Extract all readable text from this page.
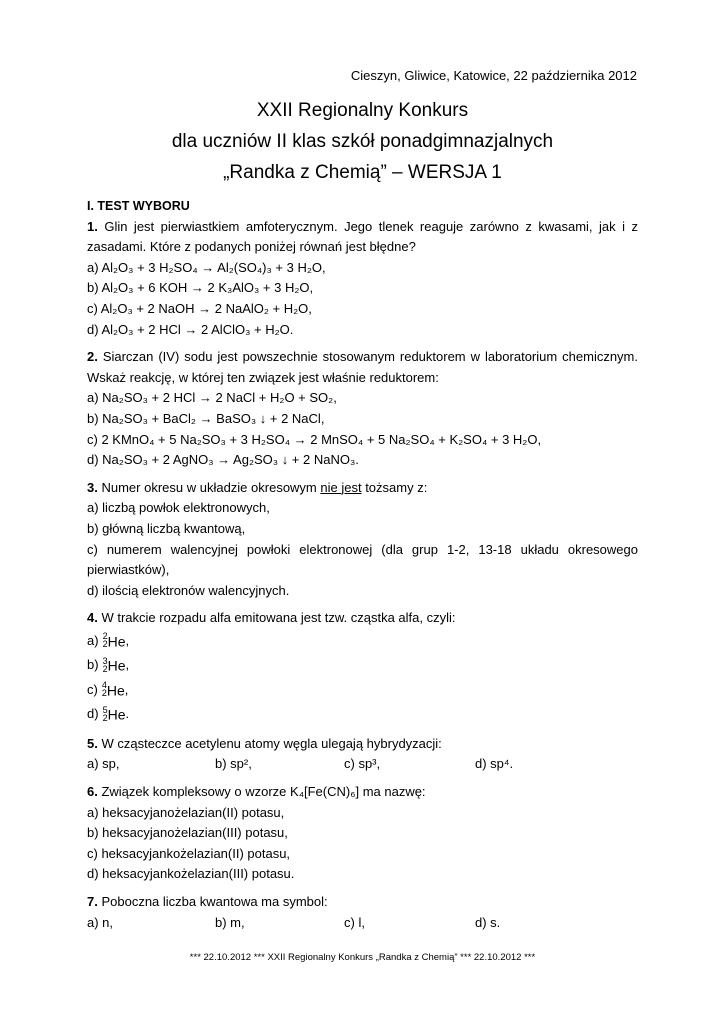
Cieszyn, Gliwice, Katowice, 22 października 2012
XXII Regionalny Konkurs
dla uczniów II klas szkół ponadgimnazjalnych
„Randka z Chemią” – WERSJA 1
I. TEST WYBORU
1. Glin jest pierwiastkiem amfoterycznym. Jego tlenek reaguje zarówno z kwasami, jak i z zasadami. Które z podanych poniżej równań jest błędne?
a) Al₂O₃ + 3 H₂SO₄ → Al₂(SO₄)₃ + 3 H₂O,
b) Al₂O₃ + 6 KOH → 2 K₃AlO₃ + 3 H₂O,
c) Al₂O₃ + 2 NaOH → 2 NaAlO₂ + H₂O,
d) Al₂O₃ + 2 HCl → 2 AlClO₃ + H₂O.
2. Siarczan (IV) sodu jest powszechnie stosowanym reduktorem w laboratorium chemicznym. Wskaż reakcję, w której ten związek jest właśnie reduktorem:
a) Na₂SO₃ + 2 HCl → 2 NaCl + H₂O + SO₂,
b) Na₂SO₃ + BaCl₂ → BaSO₃ ↓ + 2 NaCl,
c) 2 KMnO₄ + 5 Na₂SO₃ + 3 H₂SO₄ → 2 MnSO₄ + 5 Na₂SO₄ + K₂SO₄ + 3 H₂O,
d) Na₂SO₃ + 2 AgNO₃ → Ag₂SO₃ ↓ + 2 NaNO₃.
3. Numer okresu w układzie okresowym nie jest tożsamy z:
a) liczbą powłok elektronowych,
b) główną liczbą kwantową,
c) numerem walencyjnej powłoki elektronowej (dla grup 1-2, 13-18 układu okresowego pierwiastków),
d) ilością elektronów walencyjnych.
4. W trakcie rozpadu alfa emitowana jest tzw. cząstka alfa, czyli:
a) 2
2 He,
b) 3
2 He,
c) 4
2 He,
d) 5
2 He.
5. W cząsteczce acetylenu atomy węgla ulegają hybrydyzacji:
a) sp,	b) sp²,	c) sp³,	d) sp⁴.
6. Związek kompleksowy o wzorze K₄[Fe(CN)₆] ma nazwę:
a) heksacyjanożelazian(II) potasu,
b) heksacyjanożelazian(III) potasu,
c) heksacyjankożelazian(II) potasu,
d) heksacyjankożelazian(III) potasu.
7. Poboczna liczba kwantowa ma symbol:
a) n,	b) m,	c) l,	d) s.
*** 22.10.2012 *** XXII Regionalny Konkurs „Randka z Chemią” *** 22.10.2012 ***
